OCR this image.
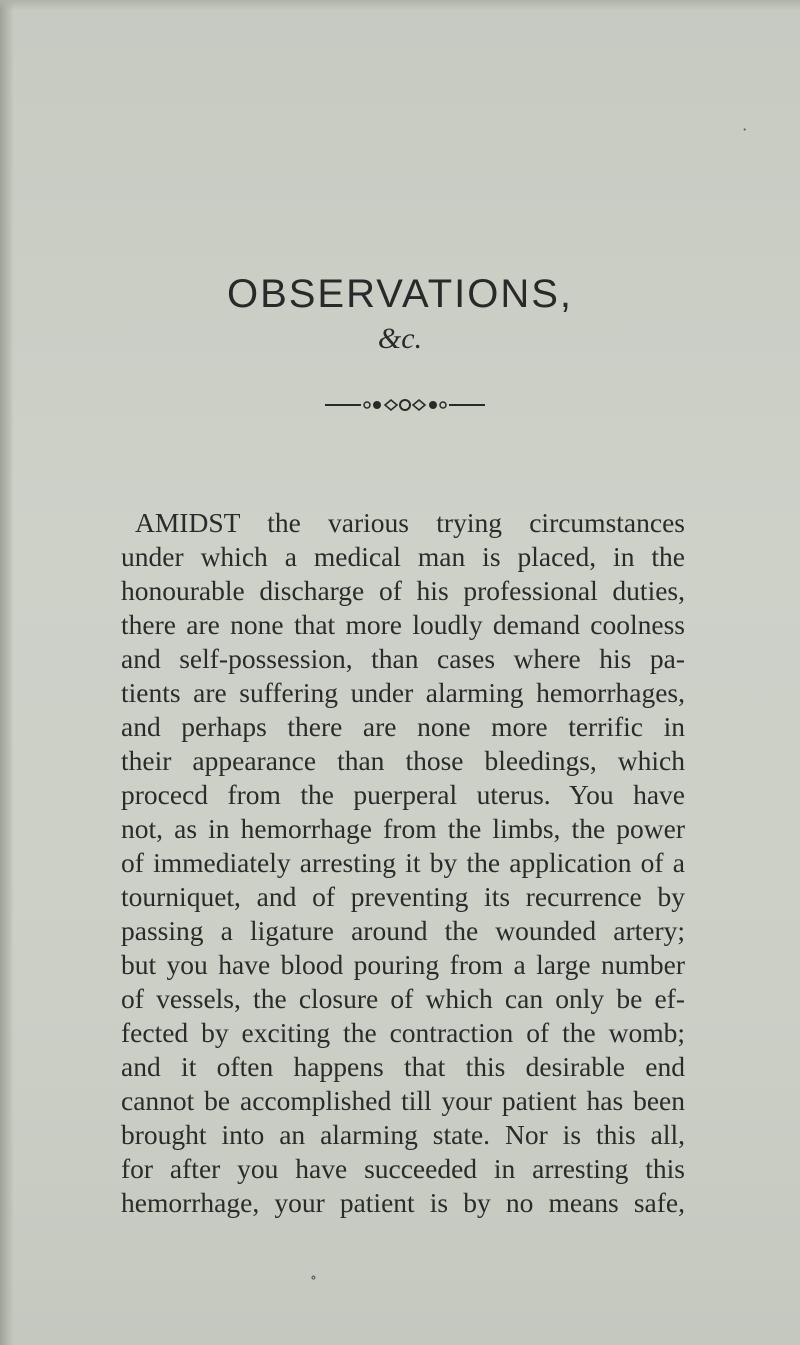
OBSERVATIONS,
&c.
AMIDST the various trying circumstances
under which a medical man is placed, in the
honourable discharge of his professional duties,
there are none that more loudly demand coolness
and self-possession, than cases where his pa-
tients are suffering under alarming hemorrhages,
and perhaps there are none more terrific in
their appearance than those bleedings, which
procecd from the puerperal uterus. You have
not, as in hemorrhage from the limbs, the power
of immediately arresting it by the application of a
tourniquet, and of preventing its recurrence by
passing a ligature around the wounded artery;
but you have blood pouring from a large number
of vessels, the closure of which can only be ef-
fected by exciting the contraction of the womb;
and it often happens that this desirable end
cannot be accomplished till your patient has been
brought into an alarming state. Nor is this all,
for after you have succeeded in arresting this
hemorrhage, your patient is by no means safe,
∘
⋅
